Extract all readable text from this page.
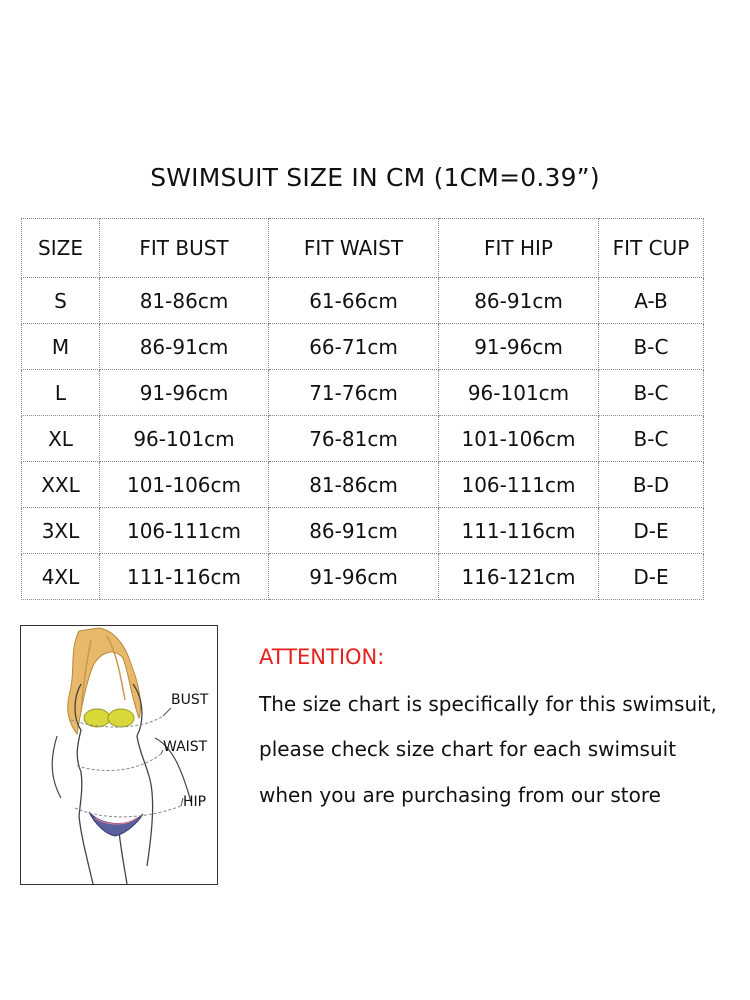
SWIMSUIT SIZE IN CM (1CM=0.39”)
SIZE	FIT BUST	FIT WAIST	FIT HIP	FIT CUP
S	81-86cm	61-66cm	86-91cm	A-B
M	86-91cm	66-71cm	91-96cm	B-C
L	91-96cm	71-76cm	96-101cm	B-C
XL	96-101cm	76-81cm	101-106cm	B-C
XXL	101-106cm	81-86cm	106-111cm	B-D
3XL	106-111cm	86-91cm	111-116cm	D-E
4XL	111-116cm	91-96cm	116-121cm	D-E
BUST
WAIST
HIP
ATTENTION:
The size chart is specifically for this swimsuit,
please check size chart for each swimsuit
when you are purchasing from our store
